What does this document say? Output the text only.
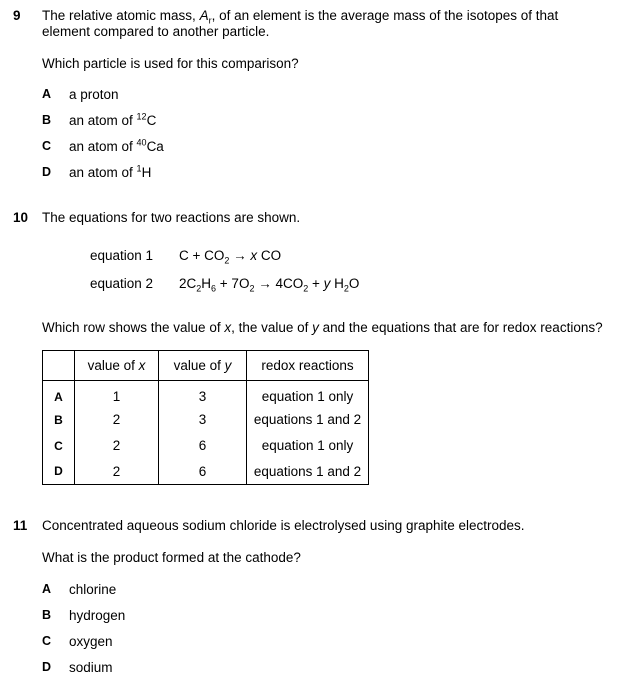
9 The relative atomic mass, $A_r$, of an element is the average mass of the isotopes of that
element compared to another particle.
Which particle is used for this comparison?
A a proton
B an atom of $^{12}$C
C an atom of $^{40}$Ca
D an atom of $^1$H
10 The equations for two reactions are shown.
equation 1 $C + CO_2 \to x$ CO
equation 2 $2C_2H_6 + 7O_2 \to 4CO_2 + y$ $H_2O$
Which row shows the value of x, the value of y and the equations that are for redox reactions?
	value of x	value of y	redox reactions
A	1	3	equation 1 only
B	2	3	equations 1 and 2
C	2	6	equation 1 only
D	2	6	equations 1 and 2
11 Concentrated aqueous sodium chloride is electrolysed using graphite electrodes.
What is the product formed at the cathode?
A chlorine
B hydrogen
C oxygen
D sodium
